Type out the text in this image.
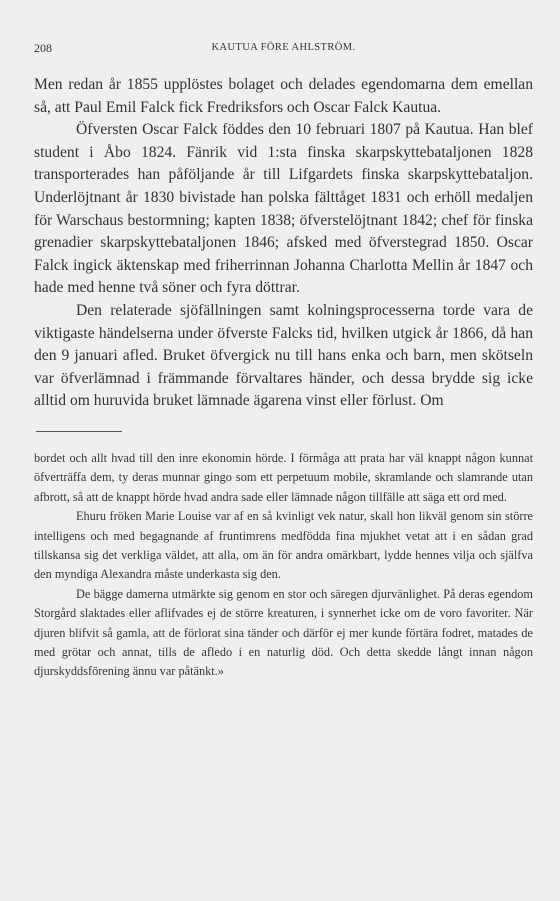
208	KAUTUA FÖRE AHLSTRÖM.

Men redan år 1855 upplöstes bolaget och delades egendomarna dem emellan så, att Paul Emil Falck fick Fredriksfors och Oscar Falck Kautua.

Öfversten Oscar Falck föddes den 10 februari 1807 på Kautua. Han blef student i Åbo 1824. Fänrik vid 1:sta finska skarpskyttebataljonen 1828 transporterades han påföljande år till Lifgardets finska skarpskyttebataljon. Underlöjtnant år 1830 bivistade han polska fälttåget 1831 och erhöll medaljen för Warschaus bestormning; kapten 1838; öfverstelöjtnant 1842; chef för finska grenadier skarpskyttebataljonen 1846; afsked med öfverstegrad 1850. Oscar Falck ingick äktenskap med friherrinnan Johanna Charlotta Mellin år 1847 och hade med henne två söner och fyra döttrar.

Den relaterade sjöfällningen samt kolningsprocesserna torde vara de viktigaste händelserna under öfverste Falcks tid, hvilken utgick år 1866, då han den 9 januari afled. Bruket öfvergick nu till hans enka och barn, men skötseln var öfverlämnad i främmande förvaltares händer, och dessa brydde sig icke alltid om huruvida bruket lämnade ägarena vinst eller förlust. Om

bordet och allt hvad till den inre ekonomin hörde. I förmåga att prata har väl knappt någon kunnat öfverträffa dem, ty deras munnar gingo som ett perpetuum mobile, skramlande och slamrande utan afbrott, så att de knappt hörde hvad andra sade eller lämnade någon tillfälle att säga ett ord med.

Ehuru fröken Marie Louise var af en så kvinligt vek natur, skall hon likväl genom sin större intelligens och med begagnande af fruntimrens medfödda fina mjukhet vetat att i en sådan grad tillskansa sig det verkliga väldet, att alla, om än för andra omärkbart, lydde hennes vilja och själfva den myndiga Alexandra måste underkasta sig den.

De bägge damerna utmärkte sig genom en stor och säregen djurvänlighet. På deras egendom Storgård slaktades eller aflifvades ej de större kreaturen, i synnerhet icke om de voro favoriter. När djuren blifvit så gamla, att de förlorat sina tänder och därför ej mer kunde förtära fodret, matades de med grötar och annat, tills de afledo i en naturlig död. Och detta skedde långt innan någon djurskyddsförening ännu var påtänkt.»
